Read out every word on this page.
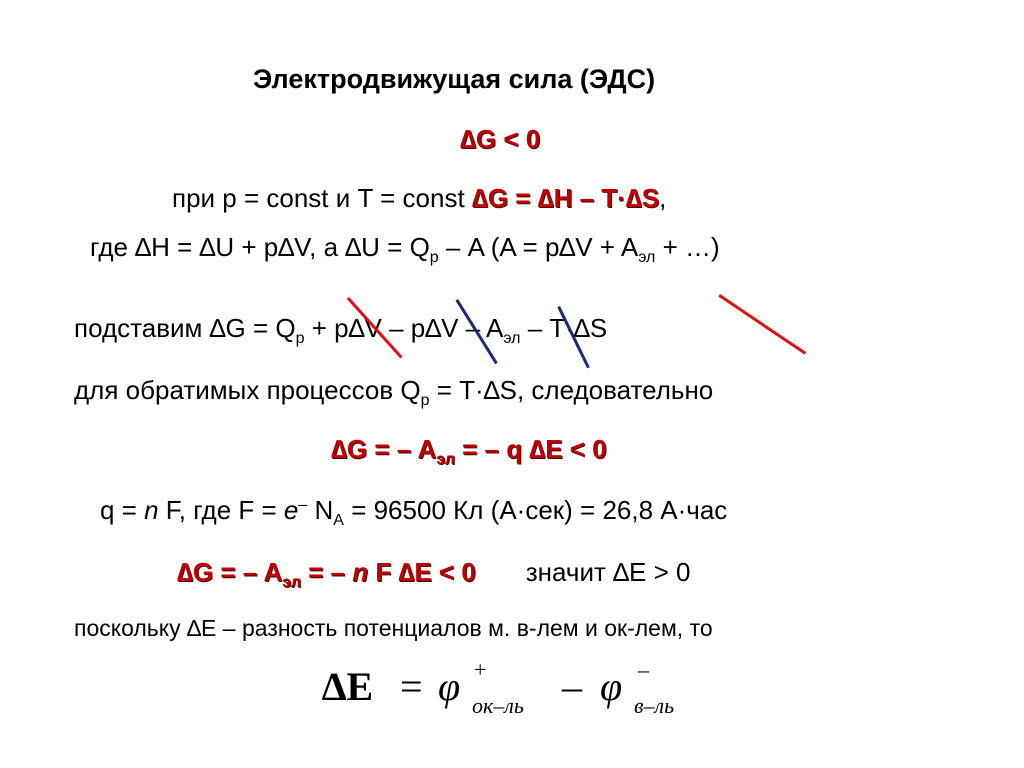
Электродвижущая сила (ЭДС)
∆G < 0
при p = const и T = const ∆G = ∆H – T·∆S,
где ∆H = ∆U + p∆V, а $\Delta U = Q_р - A$ ($A = p\Delta V + A_{эл}$ + …)
подставим $\Delta G = Q_р + p\Delta V - p\Delta V - A_{эл} - T\cdot\Delta S$
для обратимых процессов $Q_р = T\cdot\Delta S$, следовательно
∆G = – $A_{эл}$ = – q ∆E < 0
q = n F, где F = e– $N_A = 96500$ Кл (А·сек) = 26,8 А·час
∆G = – $A_{эл}$ = – n F ∆E < 0 значит ∆E > 0
поскольку ∆E – разность потенциалов м. в-лем и ок-лем, то
∆E = φ +
ок–ль – φ –
в–ль
